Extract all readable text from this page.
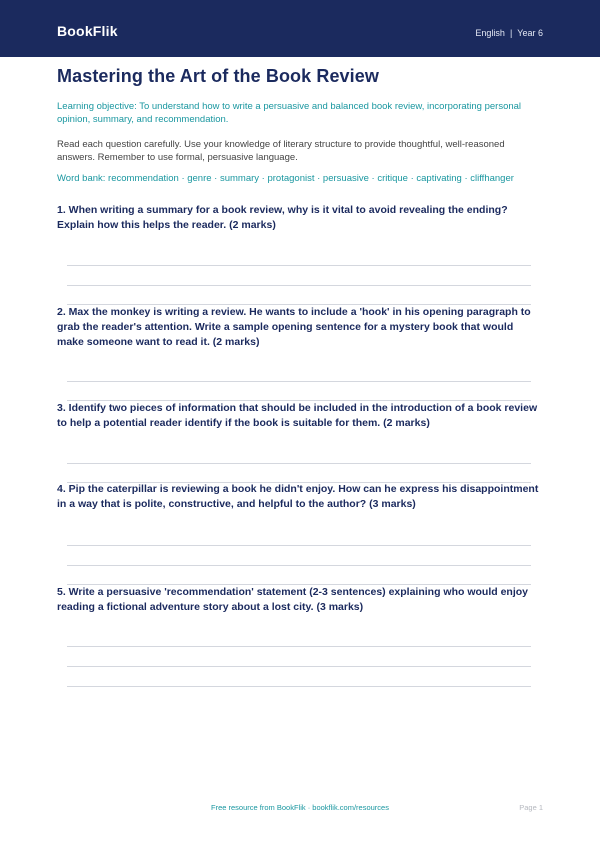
BookFlik	English | Year 6
Mastering the Art of the Book Review
Learning objective: To understand how to write a persuasive and balanced book review, incorporating personal opinion, summary, and recommendation.
Read each question carefully. Use your knowledge of literary structure to provide thoughtful, well-reasoned answers. Remember to use formal, persuasive language.
Word bank: recommendation · genre · summary · protagonist · persuasive · critique · captivating · cliffhanger
1. When writing a summary for a book review, why is it vital to avoid revealing the ending? Explain how this helps the reader. (2 marks)
2. Max the monkey is writing a review. He wants to include a 'hook' in his opening paragraph to grab the reader's attention. Write a sample opening sentence for a mystery book that would make someone want to read it. (2 marks)
3. Identify two pieces of information that should be included in the introduction of a book review to help a potential reader identify if the book is suitable for them. (2 marks)
4. Pip the caterpillar is reviewing a book he didn't enjoy. How can he express his disappointment in a way that is polite, constructive, and helpful to the author? (3 marks)
5. Write a persuasive 'recommendation' statement (2-3 sentences) explaining who would enjoy reading a fictional adventure story about a lost city. (3 marks)
Free resource from BookFlik · bookflik.com/resources	Page 1
